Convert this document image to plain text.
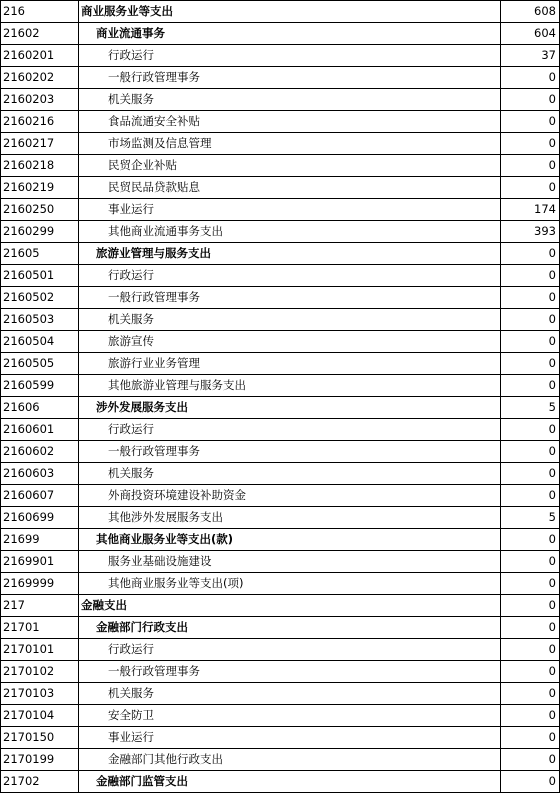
216	商业服务业等支出	608
21602	商业流通事务	604
2160201	行政运行	37
2160202	一般行政管理事务	0
2160203	机关服务	0
2160216	食品流通安全补贴	0
2160217	市场监测及信息管理	0
2160218	民贸企业补贴	0
2160219	民贸民品贷款贴息	0
2160250	事业运行	174
2160299	其他商业流通事务支出	393
21605	旅游业管理与服务支出	0
2160501	行政运行	0
2160502	一般行政管理事务	0
2160503	机关服务	0
2160504	旅游宣传	0
2160505	旅游行业业务管理	0
2160599	其他旅游业管理与服务支出	0
21606	涉外发展服务支出	5
2160601	行政运行	0
2160602	一般行政管理事务	0
2160603	机关服务	0
2160607	外商投资环境建设补助资金	0
2160699	其他涉外发展服务支出	5
21699	其他商业服务业等支出(款)	0
2169901	服务业基础设施建设	0
2169999	其他商业服务业等支出(项)	0
217	金融支出	0
21701	金融部门行政支出	0
2170101	行政运行	0
2170102	一般行政管理事务	0
2170103	机关服务	0
2170104	安全防卫	0
2170150	事业运行	0
2170199	金融部门其他行政支出	0
21702	金融部门监管支出	0
